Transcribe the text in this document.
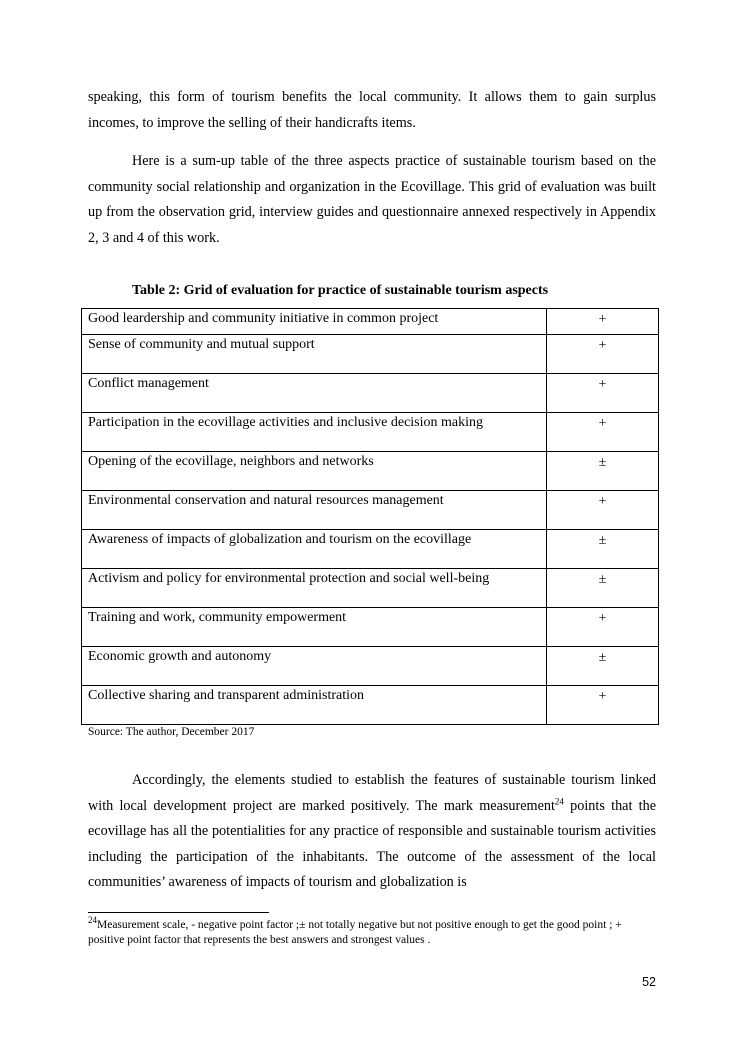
speaking, this form of tourism benefits the local community. It allows them to gain surplus incomes, to improve the selling of their handicrafts items.

Here is a sum-up table of the three aspects practice of sustainable tourism based on the community social relationship and organization in the Ecovillage. This grid of evaluation was built up from the observation grid, interview guides and questionnaire annexed respectively in Appendix 2, 3 and 4 of this work.

Table 2: Grid of evaluation for practice of sustainable tourism aspects

Good leardership and community initiative in common project	+
Sense of community and mutual support	+
Conflict management	+
Participation in the ecovillage activities and inclusive decision making	+
Opening of the ecovillage, neighbors and networks	±
Environmental conservation and natural resources management	+
Awareness of impacts of globalization and tourism on the ecovillage	±
Activism and policy for environmental protection and social well-being	±
Training and work, community empowerment	+
Economic growth and autonomy	±
Collective sharing and transparent administration	+

Source: The author, December 2017

Accordingly, the elements studied to establish the features of sustainable tourism linked with local development project are marked positively. The mark measurement$^{24}$ points that the ecovillage has all the potentialities for any practice of responsible and sustainable tourism activities including the participation of the inhabitants. The outcome of the assessment of the local communities’ awareness of impacts of tourism and globalization is

$^{24}$Measurement scale, - negative point factor ;± not totally negative but not positive enough to get the good point ; + positive point factor that represents the best answers and strongest values .

52
